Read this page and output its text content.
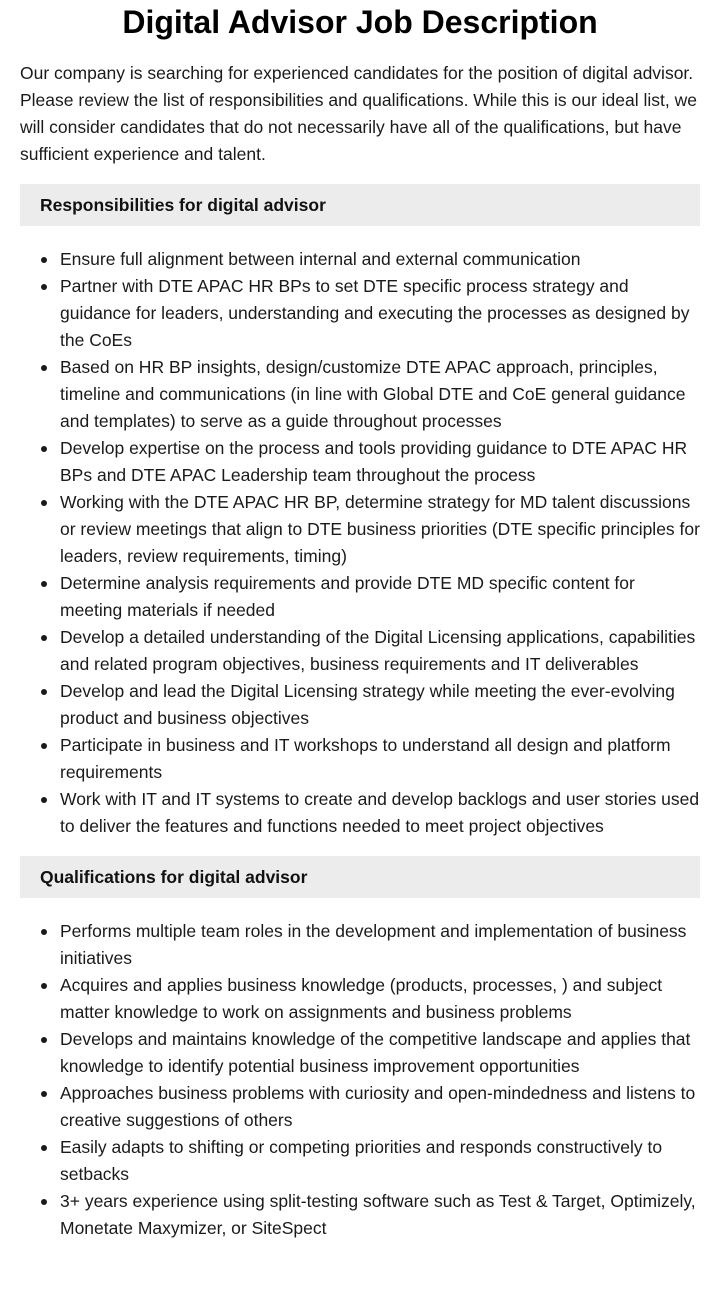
Digital Advisor Job Description

Our company is searching for experienced candidates for the position of digital advisor. Please review the list of responsibilities and qualifications. While this is our ideal list, we will consider candidates that do not necessarily have all of the qualifications, but have sufficient experience and talent.

Responsibilities for digital advisor
Ensure full alignment between internal and external communication
Partner with DTE APAC HR BPs to set DTE specific process strategy and guidance for leaders, understanding and executing the processes as designed by the CoEs
Based on HR BP insights, design/customize DTE APAC approach, principles, timeline and communications (in line with Global DTE and CoE general guidance and templates) to serve as a guide throughout processes
Develop expertise on the process and tools providing guidance to DTE APAC HR BPs and DTE APAC Leadership team throughout the process
Working with the DTE APAC HR BP, determine strategy for MD talent discussions or review meetings that align to DTE business priorities (DTE specific principles for leaders, review requirements, timing)
Determine analysis requirements and provide DTE MD specific content for meeting materials if needed
Develop a detailed understanding of the Digital Licensing applications, capabilities and related program objectives, business requirements and IT deliverables
Develop and lead the Digital Licensing strategy while meeting the ever-evolving product and business objectives
Participate in business and IT workshops to understand all design and platform requirements
Work with IT and IT systems to create and develop backlogs and user stories used to deliver the features and functions needed to meet project objectives
Qualifications for digital advisor
Performs multiple team roles in the development and implementation of business initiatives
Acquires and applies business knowledge (products, processes, ) and subject matter knowledge to work on assignments and business problems
Develops and maintains knowledge of the competitive landscape and applies that knowledge to identify potential business improvement opportunities
Approaches business problems with curiosity and open-mindedness and listens to creative suggestions of others
Easily adapts to shifting or competing priorities and responds constructively to setbacks
3+ years experience using split-testing software such as Test & Target, Optimizely, Monetate Maxymizer, or SiteSpect
